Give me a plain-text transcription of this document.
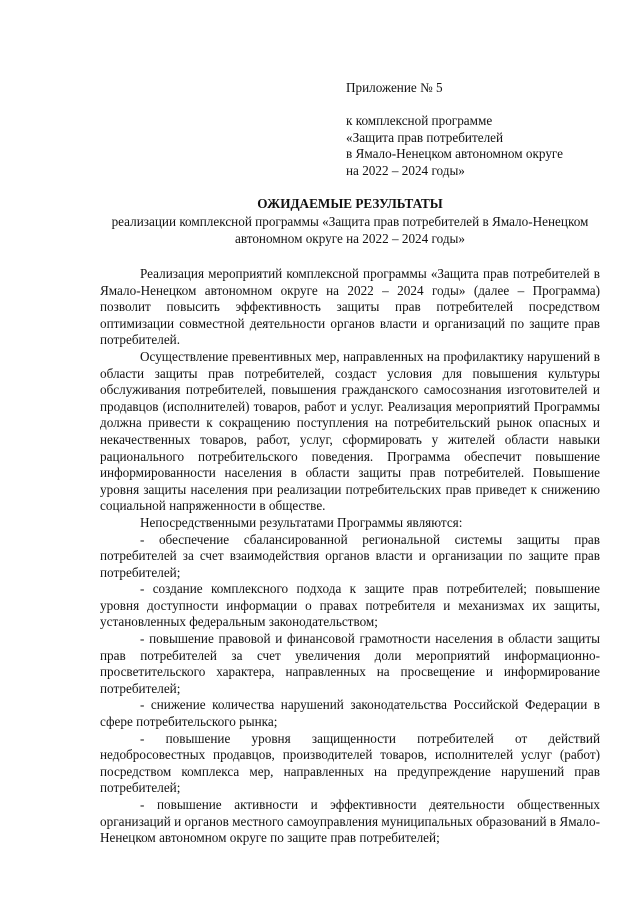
Приложение № 5

к комплексной программе

«Защита прав потребителей

в Ямало-Ненецком автономном округе

на 2022 – 2024 годы»

ОЖИДАЕМЫЕ РЕЗУЛЬТАТЫ

реализации комплексной программы «Защита прав потребителей в Ямало-Ненецком автономном округе на 2022 – 2024 годы»

Реализация мероприятий комплексной программы «Защита прав потребителей в Ямало-Ненецком автономном округе на 2022 – 2024 годы» (далее – Программа) позволит повысить эффективность защиты прав потребителей посредством оптимизации совместной деятельности органов власти и организаций по защите прав потребителей.

Осуществление превентивных мер, направленных на профилактику нарушений в области защиты прав потребителей, создаст условия для повышения культуры обслуживания потребителей, повышения гражданского самосознания изготовителей и продавцов (исполнителей) товаров, работ и услуг. Реализация мероприятий Программы должна привести к сокращению поступления на потребительский рынок опасных и некачественных товаров, работ, услуг, сформировать у жителей области навыки рационального потребительского поведения. Программа обеспечит повышение информированности населения в области защиты прав потребителей. Повышение уровня защиты населения при реализации потребительских прав приведет к снижению социальной напряженности в обществе.

Непосредственными результатами Программы являются:

- обеспечение сбалансированной региональной системы защиты прав потребителей за счет взаимодействия органов власти и организации по защите прав потребителей;

- создание комплексного подхода к защите прав потребителей; повышение уровня доступности информации о правах потребителя и механизмах их защиты, установленных федеральным законодательством;

- повышение правовой и финансовой грамотности населения в области защиты прав потребителей за счет увеличения доли мероприятий информационно-просветительского характера, направленных на просвещение и информирование потребителей;

- снижение количества нарушений законодательства Российской Федерации в сфере потребительского рынка;

- повышение уровня защищенности потребителей от действий недобросовестных продавцов, производителей товаров, исполнителей услуг (работ) посредством комплекса мер, направленных на предупреждение нарушений прав потребителей;

- повышение активности и эффективности деятельности общественных организаций и органов местного самоуправления муниципальных образований в Ямало-Ненецком автономном округе по защите прав потребителей;
